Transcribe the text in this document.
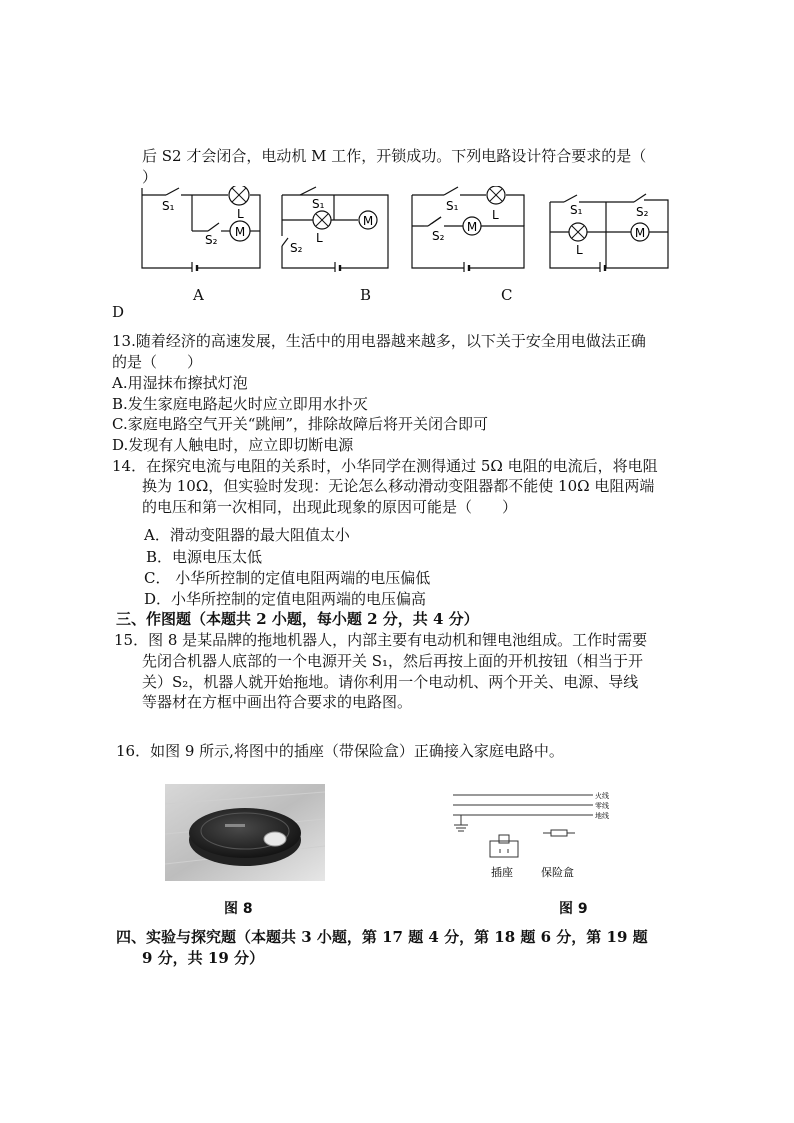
后 S2 才会闭合，电动机 M 工作，开锁成功。下列电路设计符合要求的是（
）
M
S₁
L
S₂
A
M
S₁
L
S₂
B
M
S₁
L
S₂
C
M
S₁
L
S₂
D
13.随着经济的高速发展，生活中的用电器越来越多，以下关于安全用电做法正确
的是（　　）
A.用湿抹布擦拭灯泡
B.发生家庭电路起火时应立即用水扑灭
C.家庭电路空气开关“跳闸”，排除故障后将开关闭合即可
D.发现有人触电时，应立即切断电源
14．在探究电流与电阻的关系时，小华同学在测得通过 5Ω 电阻的电流后，将电阻
换为 10Ω，但实验时发现：无论怎么移动滑动变阻器都不能使 10Ω 电阻两端
的电压和第一次相同，出现此现象的原因可能是（　　）
A．滑动变阻器的最大阻值太小
B．电源电压太低
C． 小华所控制的定值电阻两端的电压偏低
D．小华所控制的定值电阻两端的电压偏高
三、作图题（本题共 2 小题，每小题 2 分，共 4 分）
15．图 8 是某品牌的拖地机器人，内部主要有电动机和锂电池组成。工作时需要
先闭合机器人底部的一个电源开关 S₁，然后再按上面的开机按钮（相当于开
关）S₂，机器人就开始拖地。请你利用一个电动机、两个开关、电源、导线
等器材在方框中画出符合要求的电路图。
16．如图 9 所示,将图中的插座（带保险盒）正确接入家庭电路中。
图 8
火线
零线
地线
插座	保险盒
图 9
四、实验与探究题（本题共 3 小题，第 17 题 4 分，第 18 题 6 分，第 19 题
9 分，共 19 分）
